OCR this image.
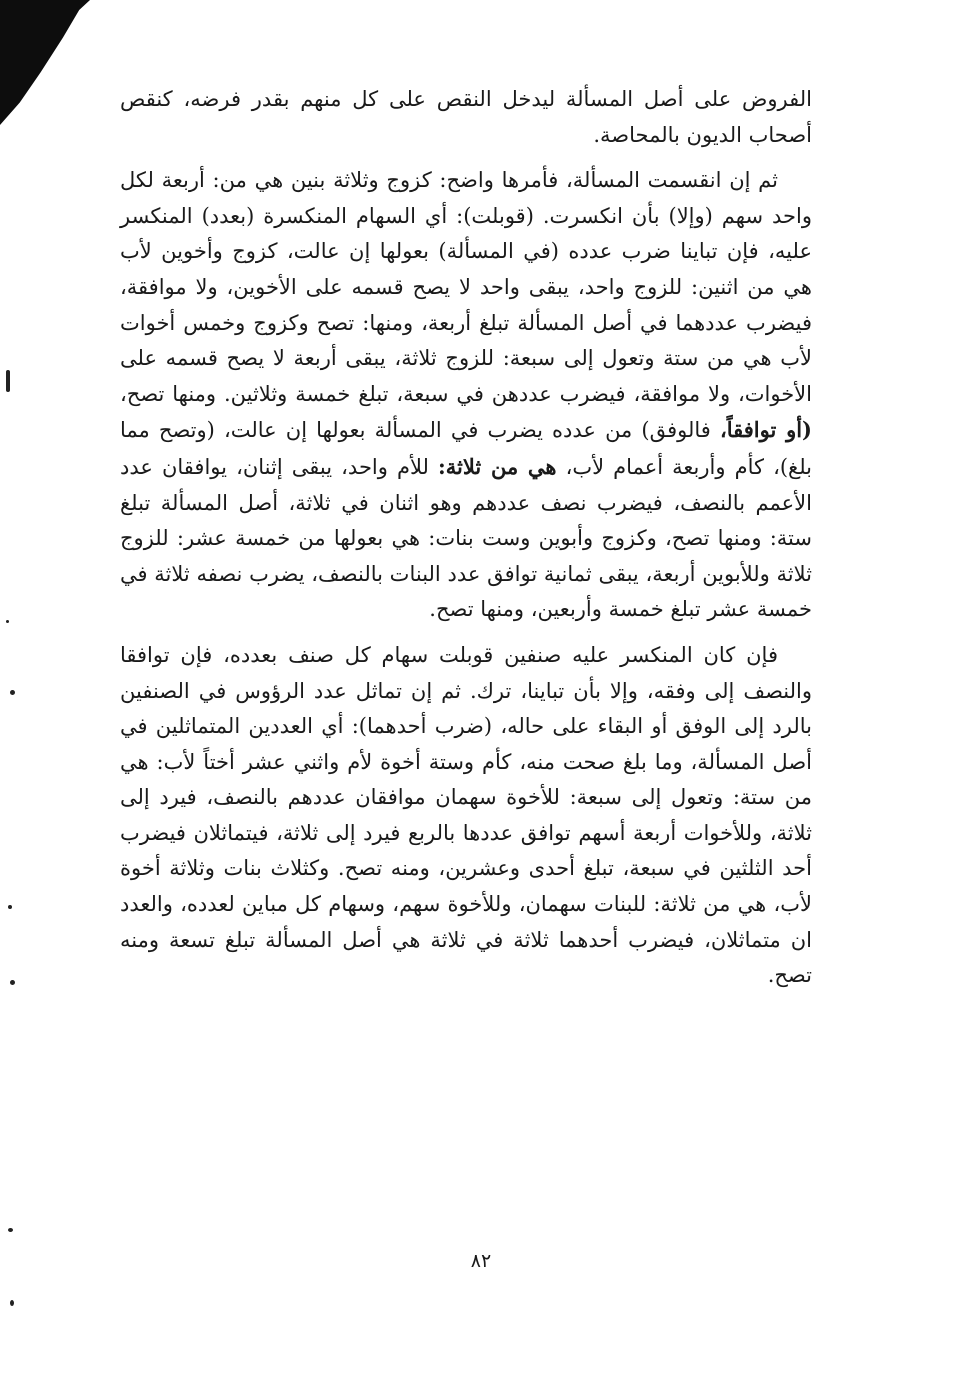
الفروض على أصل المسألة ليدخل النقص على كل منهم بقدر فرضه، كنقص أصحاب الديون بالمحاصة.

ثم إن انقسمت المسألة، فأمرها واضح: كزوج وثلاثة بنين هي من: أربعة لكل واحد سهم (وإلا) بأن انكسرت. (قوبلت): أي السهام المنكسرة (بعدد) المنكسر عليه، فإن تباينا ضرب عدده (في المسألة) بعولها إن عالت، كزوج وأخوين لأب هي من اثنين: للزوج واحد، يبقى واحد لا يصح قسمه على الأخوين، ولا موافقة، فيضرب عددهما في أصل المسألة تبلغ أربعة، ومنها: تصح وكزوج وخمس أخوات لأب هي من ستة وتعول إلى سبعة: للزوج ثلاثة، يبقى أربعة لا يصح قسمه على الأخوات، ولا موافقة، فيضرب عددهن في سبعة، تبلغ خمسة وثلاثين. ومنها تصح، (أو توافقاً، فالوفق) من عدده يضرب في المسألة بعولها إن عالت، (وتصح مما بلغ)، كأم وأربعة أعمام لأب، هي من ثلاثة: للأم واحد، يبقى إثنان، يوافقان عدد الأعمم بالنصف، فيضرب نصف عددهم وهو اثنان في ثلاثة، أصل المسألة تبلغ ستة: ومنها تصح، وكزوج وأبوين وست بنات: هي بعولها من خمسة عشر: للزوج ثلاثة وللأبوين أربعة، يبقى ثمانية توافق عدد البنات بالنصف، يضرب نصفه ثلاثة في خمسة عشر تبلغ خمسة وأربعين، ومنها تصح.

فإن كان المنكسر عليه صنفين قوبلت سهام كل صنف بعدده، فإن توافقا والنصف إلى وفقه، وإلا بأن تباينا، ترك. ثم إن تماثل عدد الرؤوس في الصنفين بالرد إلى الوفق أو البقاء على حاله، (ضرب أحدهما): أي العددين المتماثلين في أصل المسألة، وما بلغ صحت منه، كأم وستة أخوة لأم واثني عشر أختاً لأب: هي من ستة: وتعول إلى سبعة: للأخوة سهمان موافقان عددهم بالنصف، فيرد إلى ثلاثة، وللأخوات أربعة أسهم توافق عددها بالربع فيرد إلى ثلاثة، فيتماثلان فيضرب أحد الثلثين في سبعة، تبلغ أحدى وعشرين، ومنه تصح. وكثلاث بنات وثلاثة أخوة لأب، هي من ثلاثة: للبنات سهمان، وللأخوة سهم، وسهام كل مباين لعدده، والعدد ان متماثلان، فيضرب أحدهما ثلاثة في ثلاثة هي أصل المسألة تبلغ تسعة ومنه تصح.

٨٢
